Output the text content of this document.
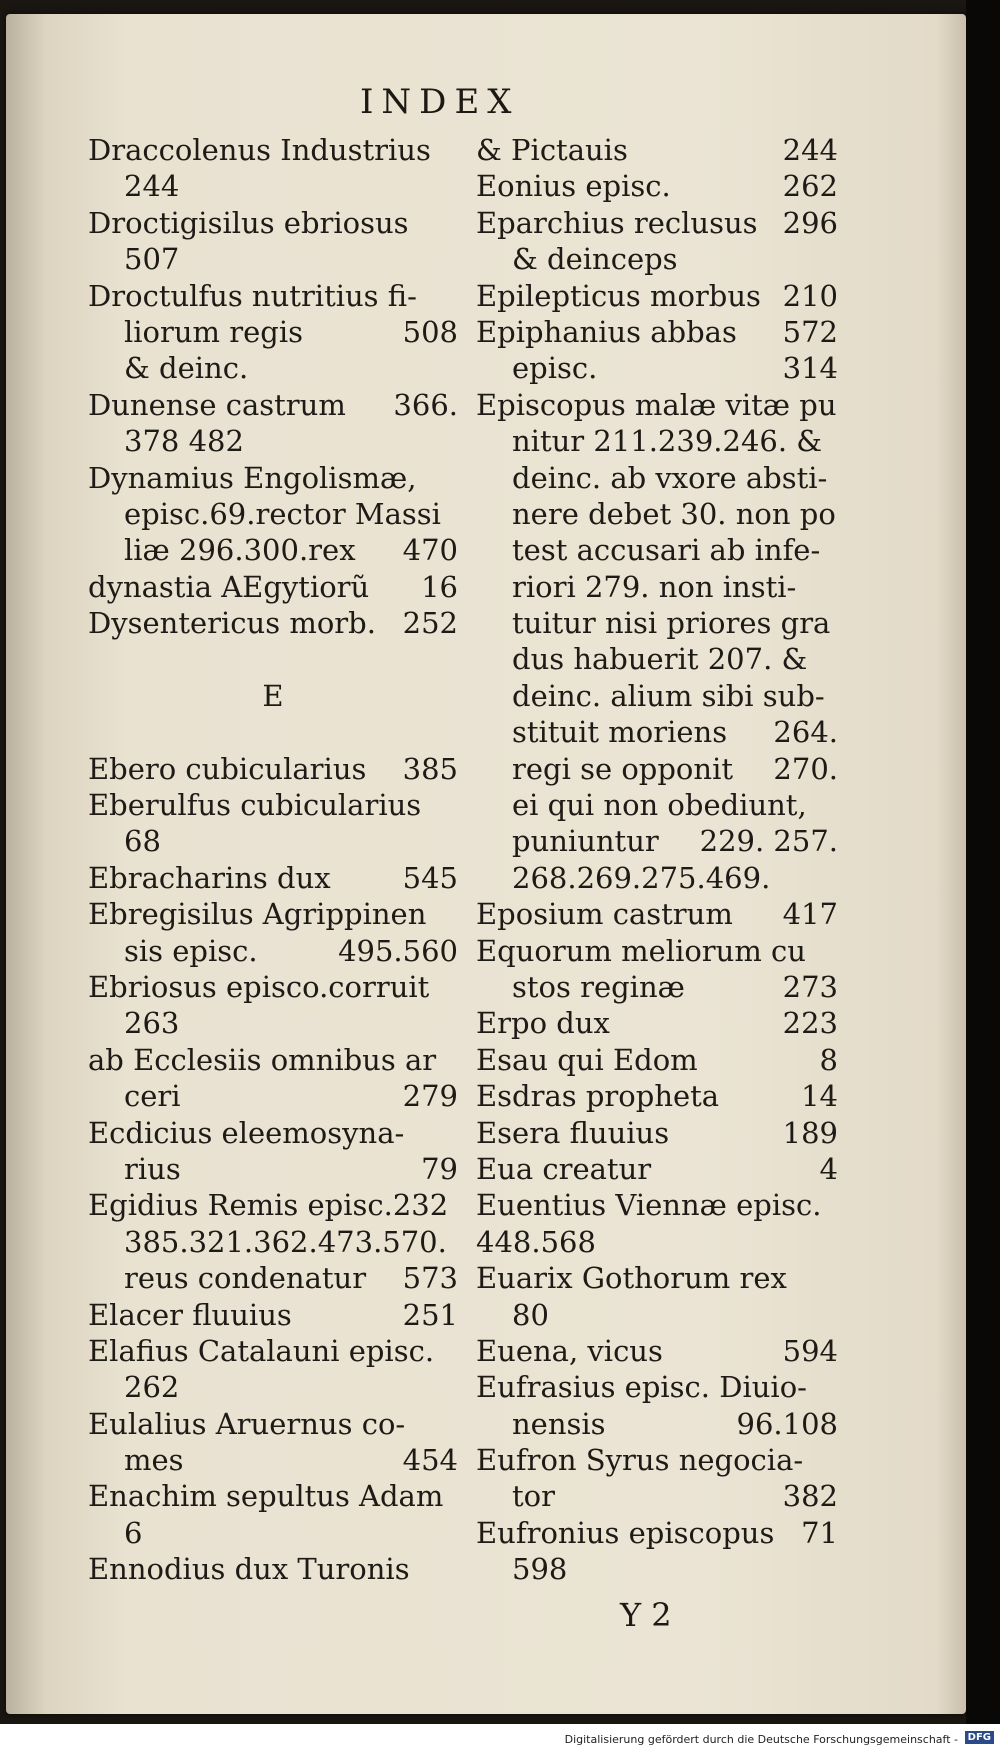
INDEX
Draccolenus Industrius
244
Droctigisilus ebriosus
507
Droctulfus nutritius fi-
liorum regis	508
& deinc.
Dunense castrum 366.
378 482
Dynamius Engolismæ,
episc.69.rector Massi
liæ 296.300.rex 470
dynastia AEgytiorũ 16
Dysentericus morb. 252
E
Ebero cubicularius 385
Eberulfus cubicularius
68
Ebracharins dux 545
Ebregisilus Agrippinen
sis episc.	495.560
Ebriosus episco.corruit
263
ab Ecclesiis omnibus ar
ceri	279
Ecdicius eleemosyna-
rius	79
Egidius Remis episc.232
385.321.362.473.570.
reus condenatur 573
Elacer fluuius	251
Elafius Catalauni episc.
262
Eulalius Aruernus co-
mes	454
Enachim sepultus Adam
6
Ennodius dux Turonis
& Pictauis	244
Eonius episc.	262
Eparchius reclusus 296
& deinceps
Epilepticus morbus 210
Epiphanius abbas 572
episc.	314
Episcopus malæ vitæ pu
nitur 211.239.246. &
deinc. ab vxore absti-
nere debet 30. non po
test accusari ab infe-
riori 279. non insti-
tuitur nisi priores gra
dus habuerit 207. &
deinc. alium sibi sub-
stituit moriens 264.
regi se opponit 270.
ei qui non obediunt,
puniuntur 229. 257.
268.269.275.469.
Eposium castrum 417
Equorum meliorum cu
stos reginæ	273
Erpo dux	223
Esau qui Edom	8
Esdras propheta	14
Esera fluuius	189
Eua creatur	4
Euentius Viennæ episc.
448.568
Euarix Gothorum rex
80
Euena, vicus	594
Eufrasius episc. Diuio-
nensis	96.108
Eufron Syrus negocia-
tor	382
Eufronius episcopus 71
598
Y 2
Digitalisierung gefördert durch die Deutsche Forschungsgemeinschaft - DFG
